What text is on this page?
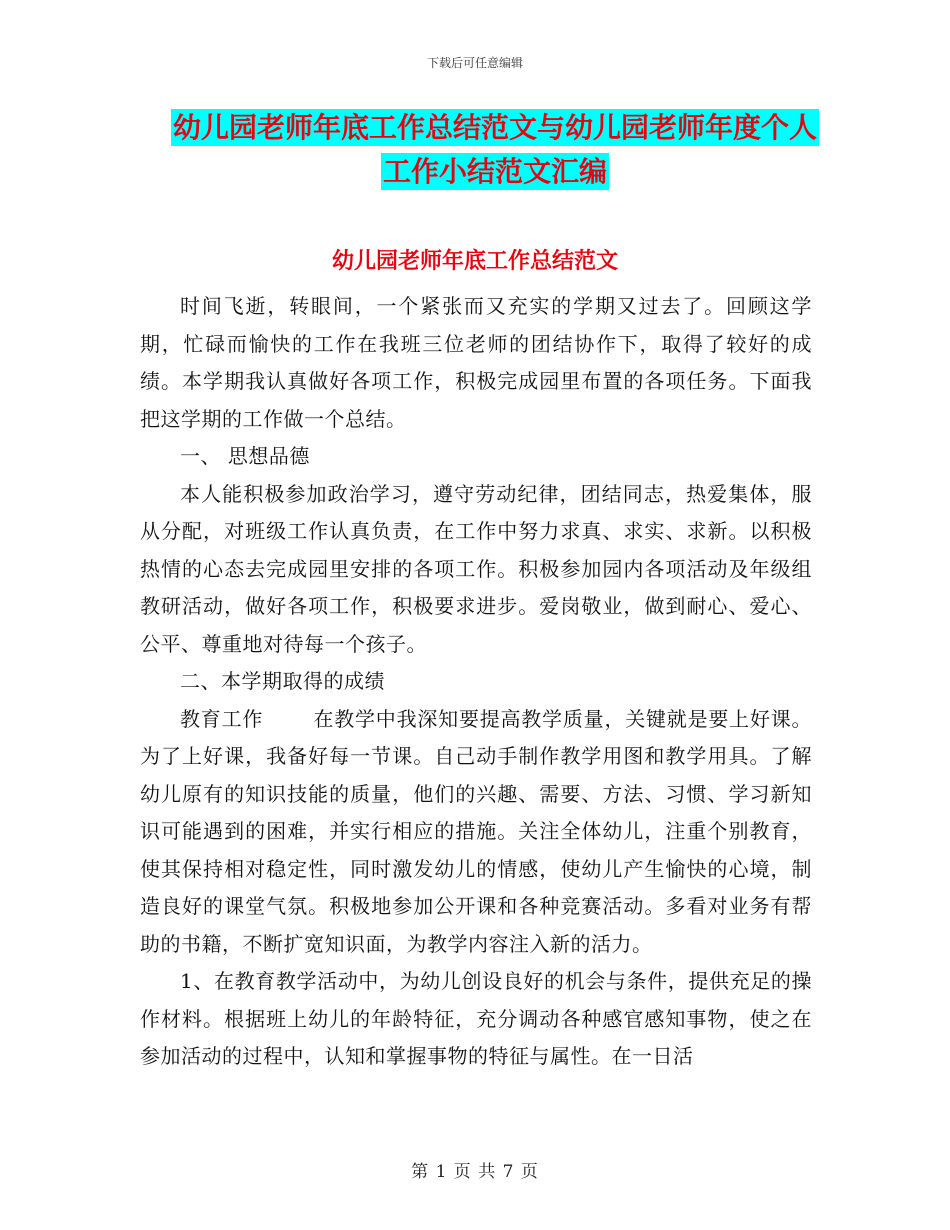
下载后可任意编辑
幼儿园老师年底工作总结范文与幼儿园老师年度个人
工作小结范文汇编
幼儿园老师年底工作总结范文

时间飞逝，转眼间，一个紧张而又充实的学期又过去了。回顾这学期，忙碌而愉快的工作在我班三位老师的团结协作下，取得了较好的成绩。本学期我认真做好各项工作，积极完成园里布置的各项任务。下面我把这学期的工作做一个总结。

一、 思想品德

本人能积极参加政治学习，遵守劳动纪律，团结同志，热爱集体，服从分配，对班级工作认真负责，在工作中努力求真、求实、求新。以积极热情的心态去完成园里安排的各项工作。积极参加园内各项活动及年级组教研活动，做好各项工作，积极要求进步。爱岗敬业，做到耐心、爱心、公平、尊重地对待每一个孩子。

二、本学期取得的成绩

教育工作	在教学中我深知要提高教学质量，关键就是要上好课。为了上好课，我备好每一节课。自己动手制作教学用图和教学用具。了解幼儿原有的知识技能的质量，他们的兴趣、需要、方法、习惯、学习新知识可能遇到的困难，并实行相应的措施。关注全体幼儿，注重个别教育，使其保持相对稳定性，同时激发幼儿的情感，使幼儿产生愉快的心境，制造良好的课堂气氛。积极地参加公开课和各种竞赛活动。多看对业务有帮助的书籍，不断扩宽知识面，为教学内容注入新的活力。

1、在教育教学活动中，为幼儿创设良好的机会与条件，提供充足的操作材料。根据班上幼儿的年龄特征，充分调动各种感官感知事物，使之在参加活动的过程中，认知和掌握事物的特征与属性。在一日活

第 1 页 共 7 页
